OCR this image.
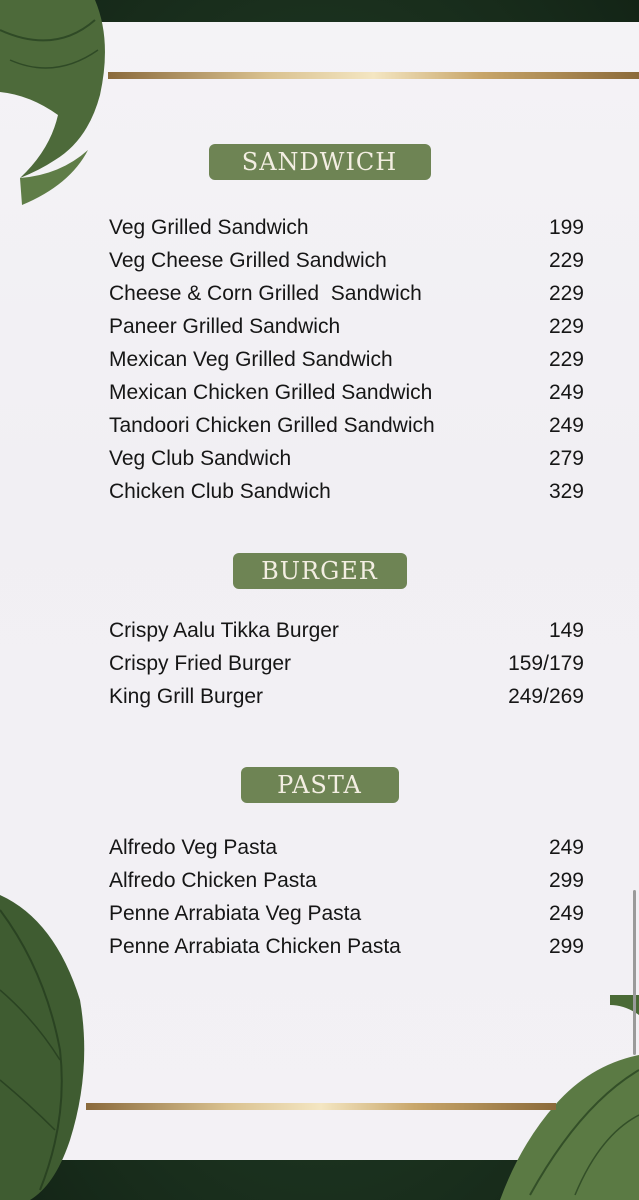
SANDWICH
Veg Grilled Sandwich	199
Veg Cheese Grilled Sandwich	229
Cheese & Corn Grilled  Sandwich	229
Paneer Grilled Sandwich	229
Mexican Veg Grilled Sandwich	229
Mexican Chicken Grilled Sandwich	249
Tandoori Chicken Grilled Sandwich	249
Veg Club Sandwich	279
Chicken Club Sandwich	329
BURGER
Crispy Aalu Tikka Burger	149
Crispy Fried Burger	159/179
King Grill Burger	249/269
PASTA
Alfredo Veg Pasta	249
Alfredo Chicken Pasta	299
Penne Arrabiata Veg Pasta	249
Penne Arrabiata Chicken Pasta	299
